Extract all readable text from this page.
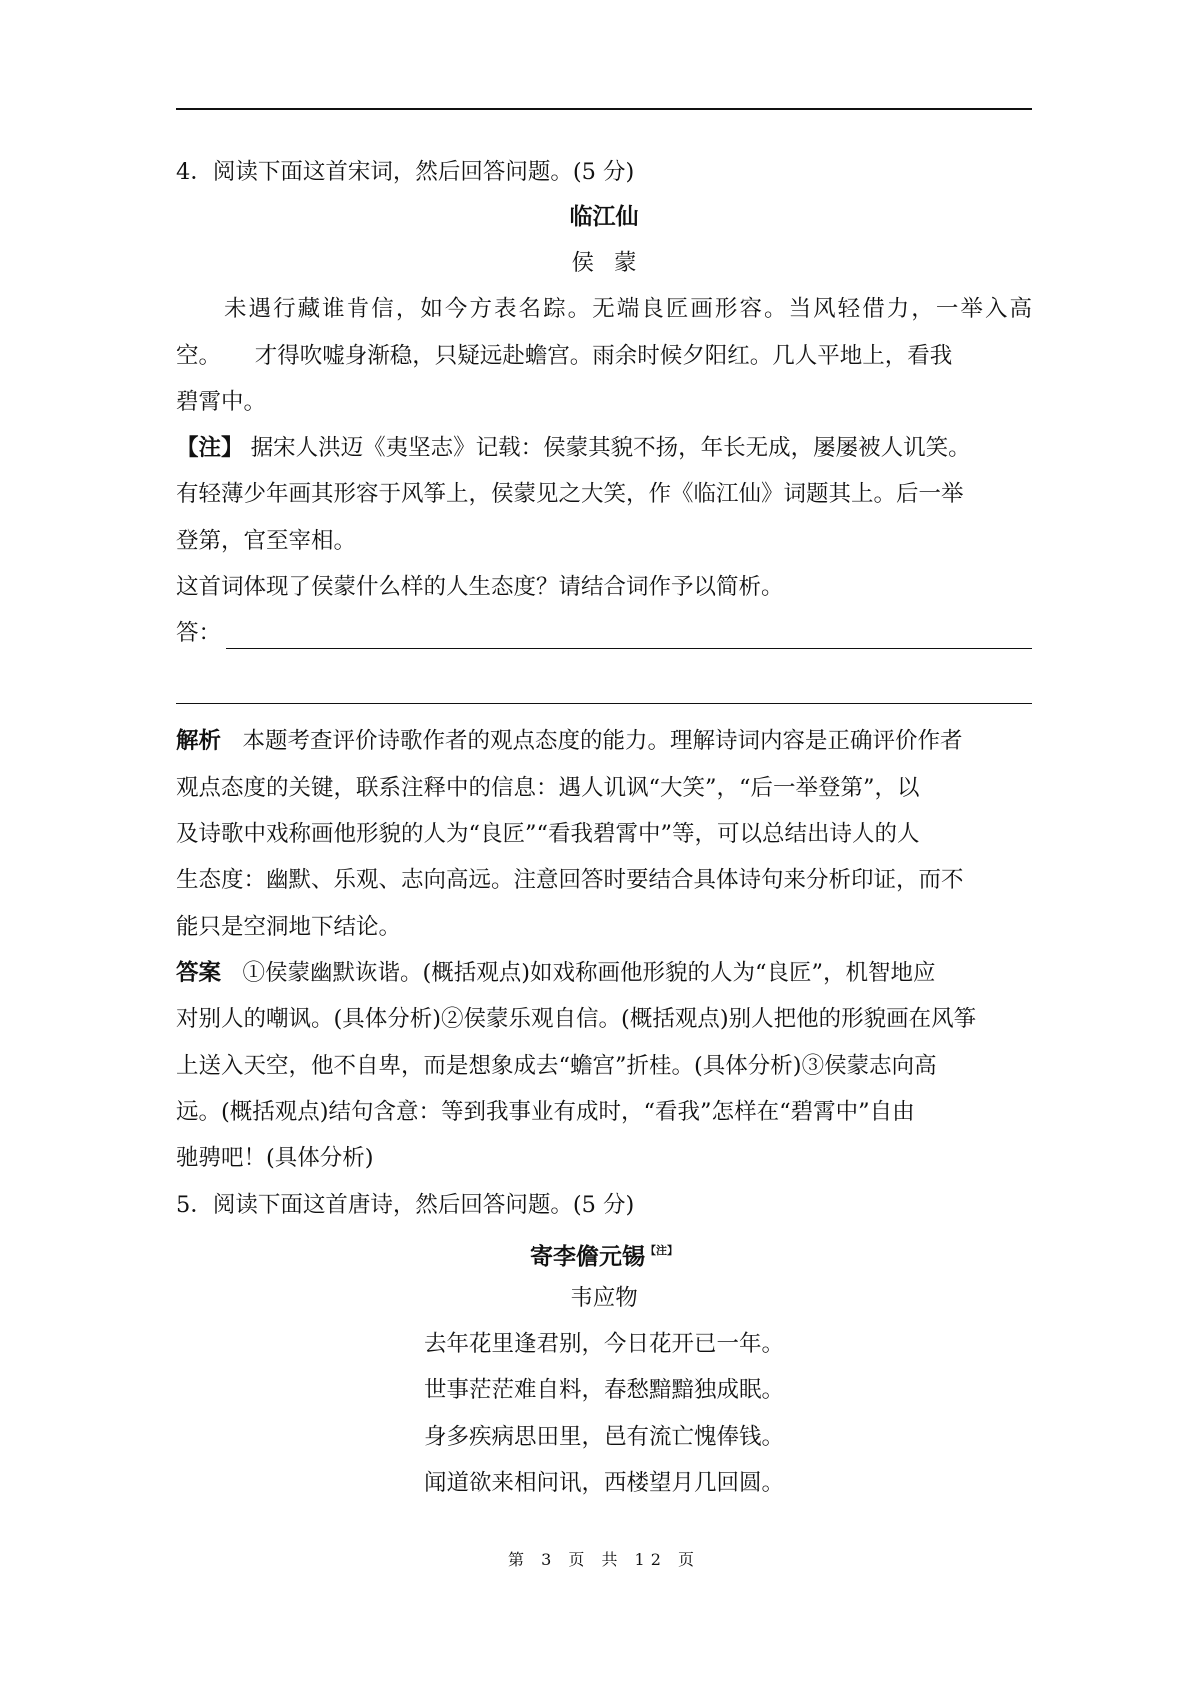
4．阅读下面这首宋词，然后回答问题。(5 分)
临江仙
侯蒙
未遇行藏谁肯信，如今方表名踪。无端良匠画形容。当风轻借力，一举入高
空。　　才得吹嘘身渐稳，只疑远赴蟾宫。雨余时候夕阳红。几人平地上，看我
碧霄中。
【注】 据宋人洪迈《夷坚志》记载：侯蒙其貌不扬，年长无成，屡屡被人讥笑。
有轻薄少年画其形容于风筝上，侯蒙见之大笑，作《临江仙》词题其上。后一举
登第，官至宰相。
这首词体现了侯蒙什么样的人生态度？请结合词作予以简析。
答：
解析 本题考查评价诗歌作者的观点态度的能力。理解诗词内容是正确评价作者
观点态度的关键，联系注释中的信息：遇人讥讽“大笑”，“后一举登第”，以
及诗歌中戏称画他形貌的人为“良匠”“看我碧霄中”等，可以总结出诗人的人
生态度：幽默、乐观、志向高远。注意回答时要结合具体诗句来分析印证，而不
能只是空洞地下结论。
答案 ①侯蒙幽默诙谐。(概括观点)如戏称画他形貌的人为“良匠”，机智地应
对别人的嘲讽。(具体分析)②侯蒙乐观自信。(概括观点)别人把他的形貌画在风筝
上送入天空，他不自卑，而是想象成去“蟾宫”折桂。(具体分析)③侯蒙志向高
远。(概括观点)结句含意：等到我事业有成时，“看我”怎样在“碧霄中”自由
驰骋吧！(具体分析)
5．阅读下面这首唐诗，然后回答问题。(5 分)
寄李儋元锡$^{【注】}$
韦应物
去年花里逢君别，今日花开已一年。
世事茫茫难自料，春愁黯黯独成眠。
身多疾病思田里，邑有流亡愧俸钱。
闻道欲来相问讯，西楼望月几回圆。
第 3 页 共 12 页
